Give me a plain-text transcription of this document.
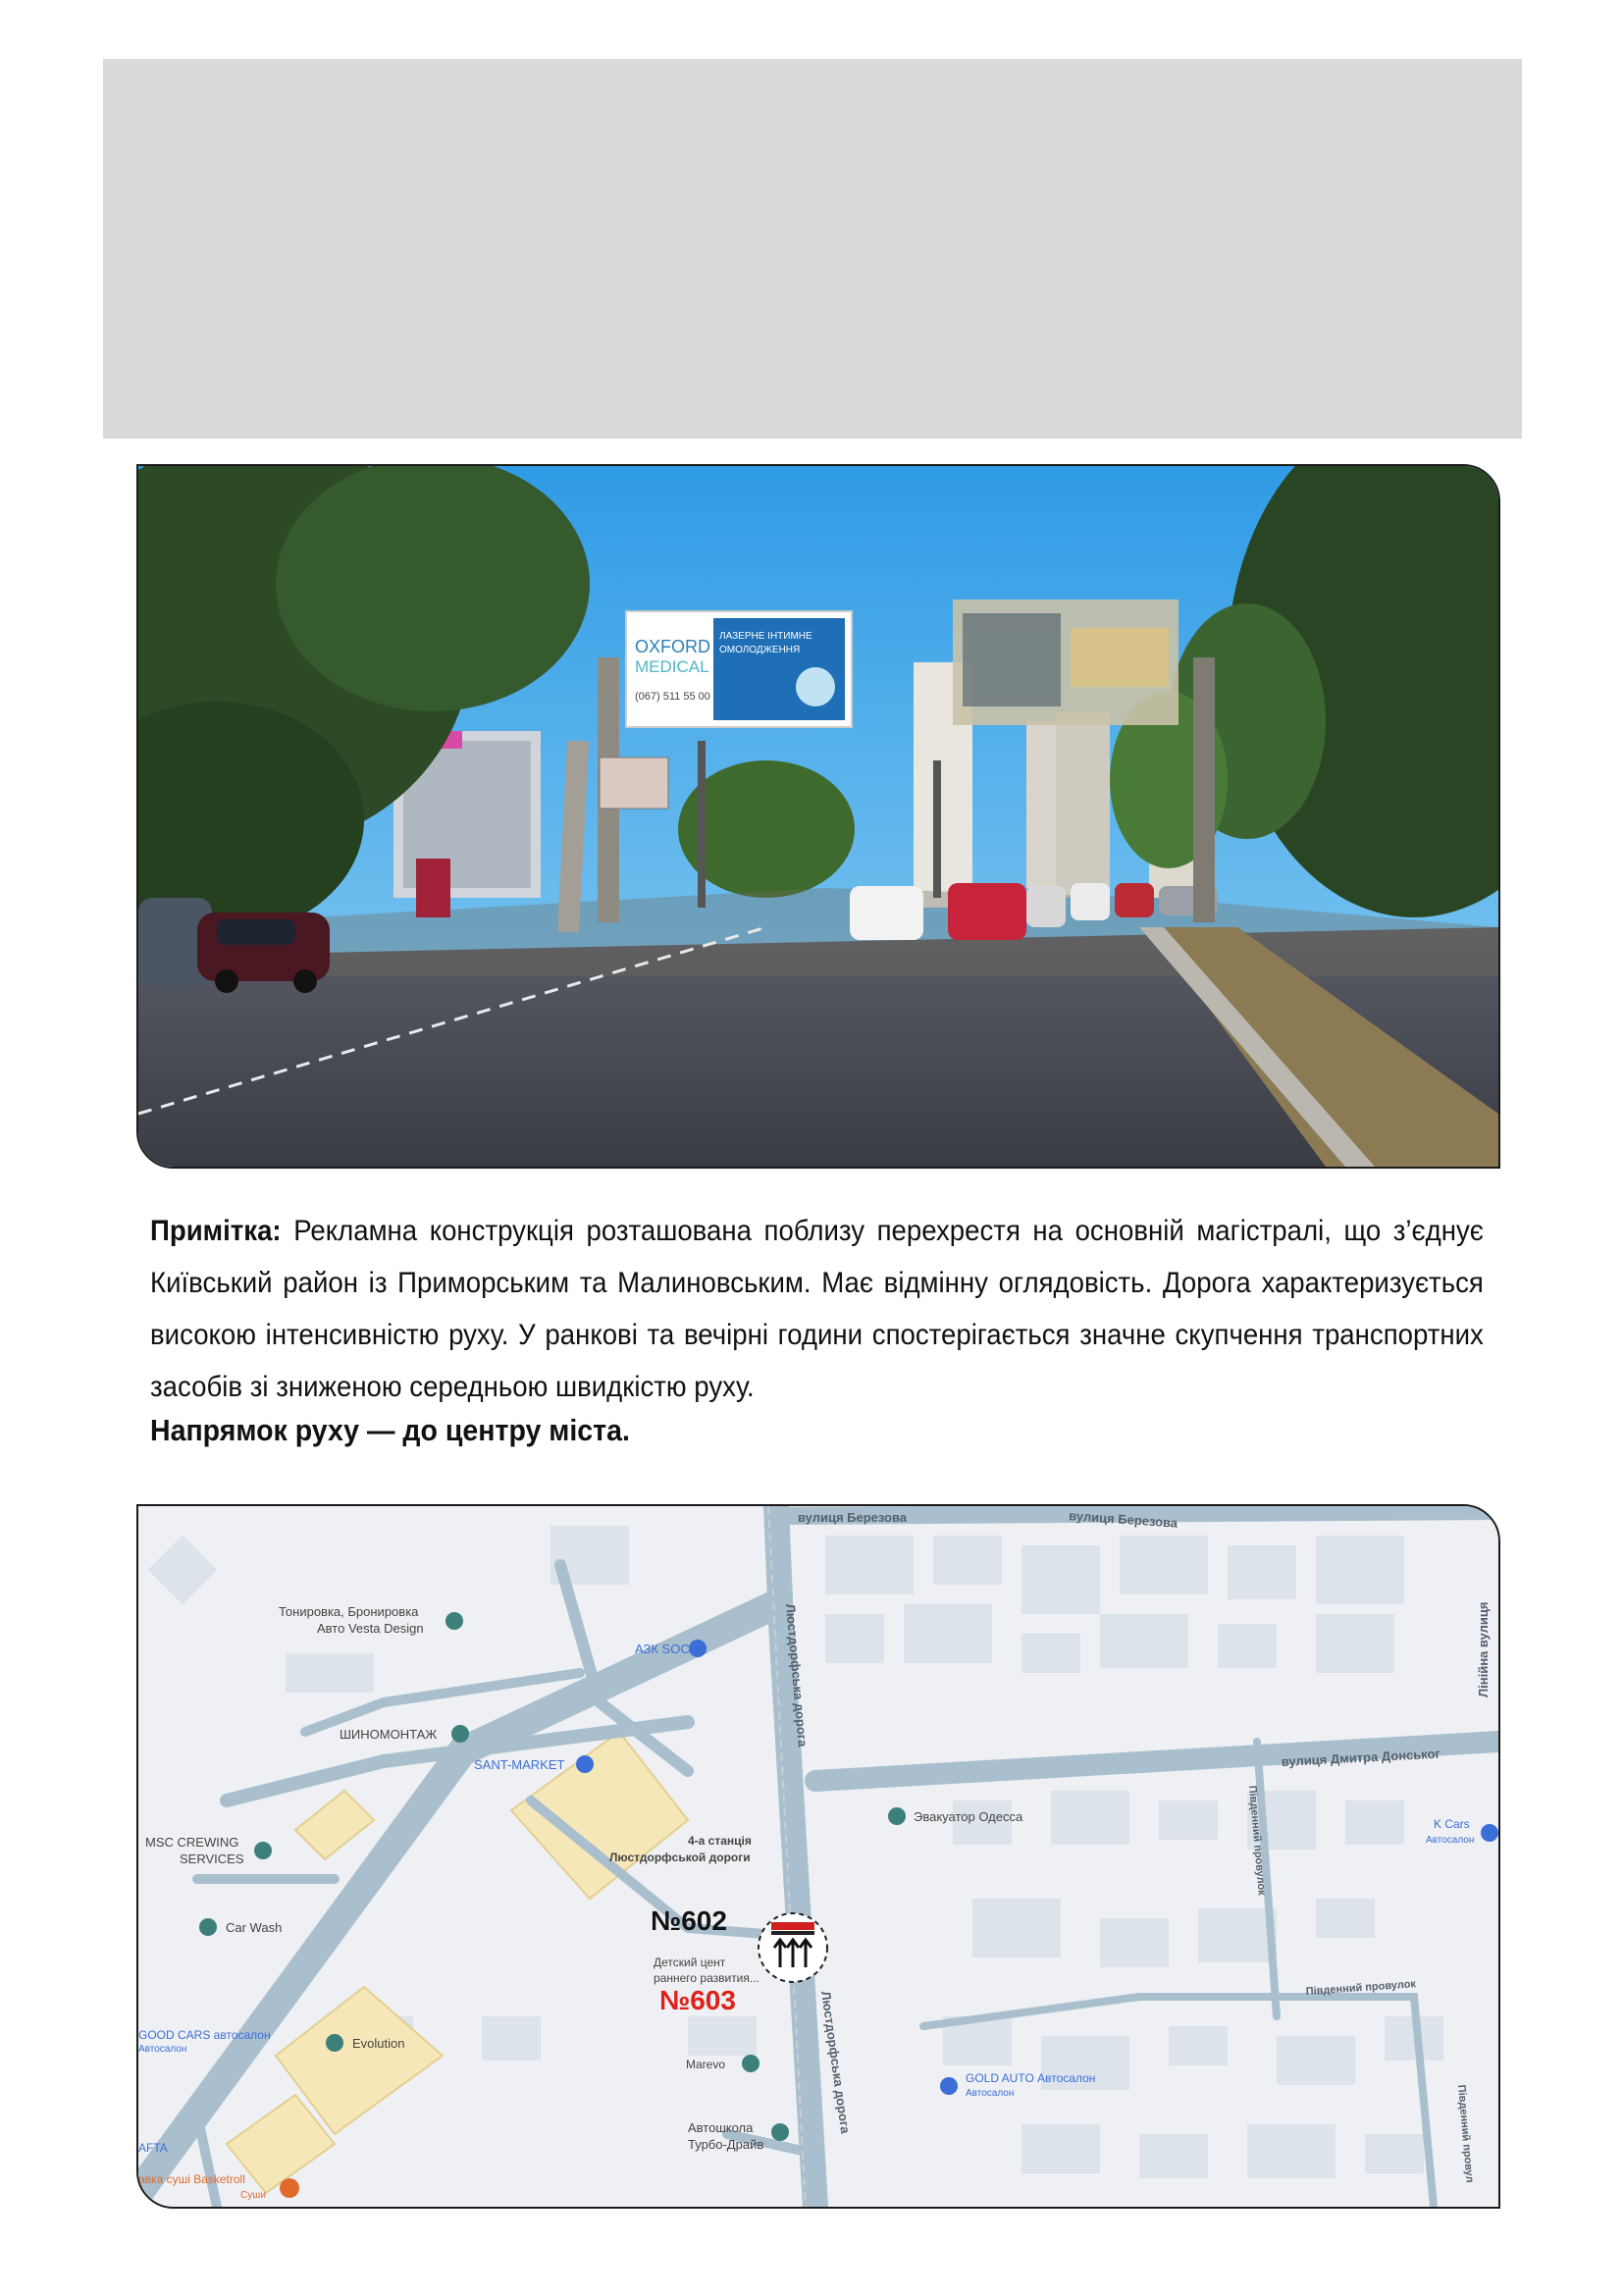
OXFORD
MEDICAL
(067) 511 55 00
ЛАЗЕРНЕ ІНТИМНЕ
ОМОЛОДЖЕННЯ
Примітка: Рекламна конструкція розташована поблизу перехрестя на основній магістралі, що з’єднує Київський район із Приморським та Малиновським. Має відмінну оглядовість. Дорога характеризується високою інтенсивністю руху. У ранкові та вечірні години спостерігається значне скупчення транспортних засобів зі зниженою середньою швидкістю руху.
Напрямок руху — до центру міста.
вулиця Березова	вулиця Березова
Люстдорфська дорога
Люстдорфська дорога
вулиця Дмитра Донськог
Лінійна вулиця
Південний провулок
Південний провулок
Південний провул
Тонировка, Бронировка
Авто Vesta Design
АЗК SOCAR
ШИНОМОНТАЖ
SANT-MARKET
MSC CREWING
SERVICES
Car Wash
4-а станція
Люстдорфськой дороги
Детский цент
раннего развития...
Marevo
Эвакуатор Одесса	K Cars
Автосалон
GOOD CARS автосалон
Автосалон	Evolution
GOLD AUTO Автосалон
Автосалон
Автошкола
Турбо-Драйв
AFTA
авка суші Basketroll
Суши
№602
№603
